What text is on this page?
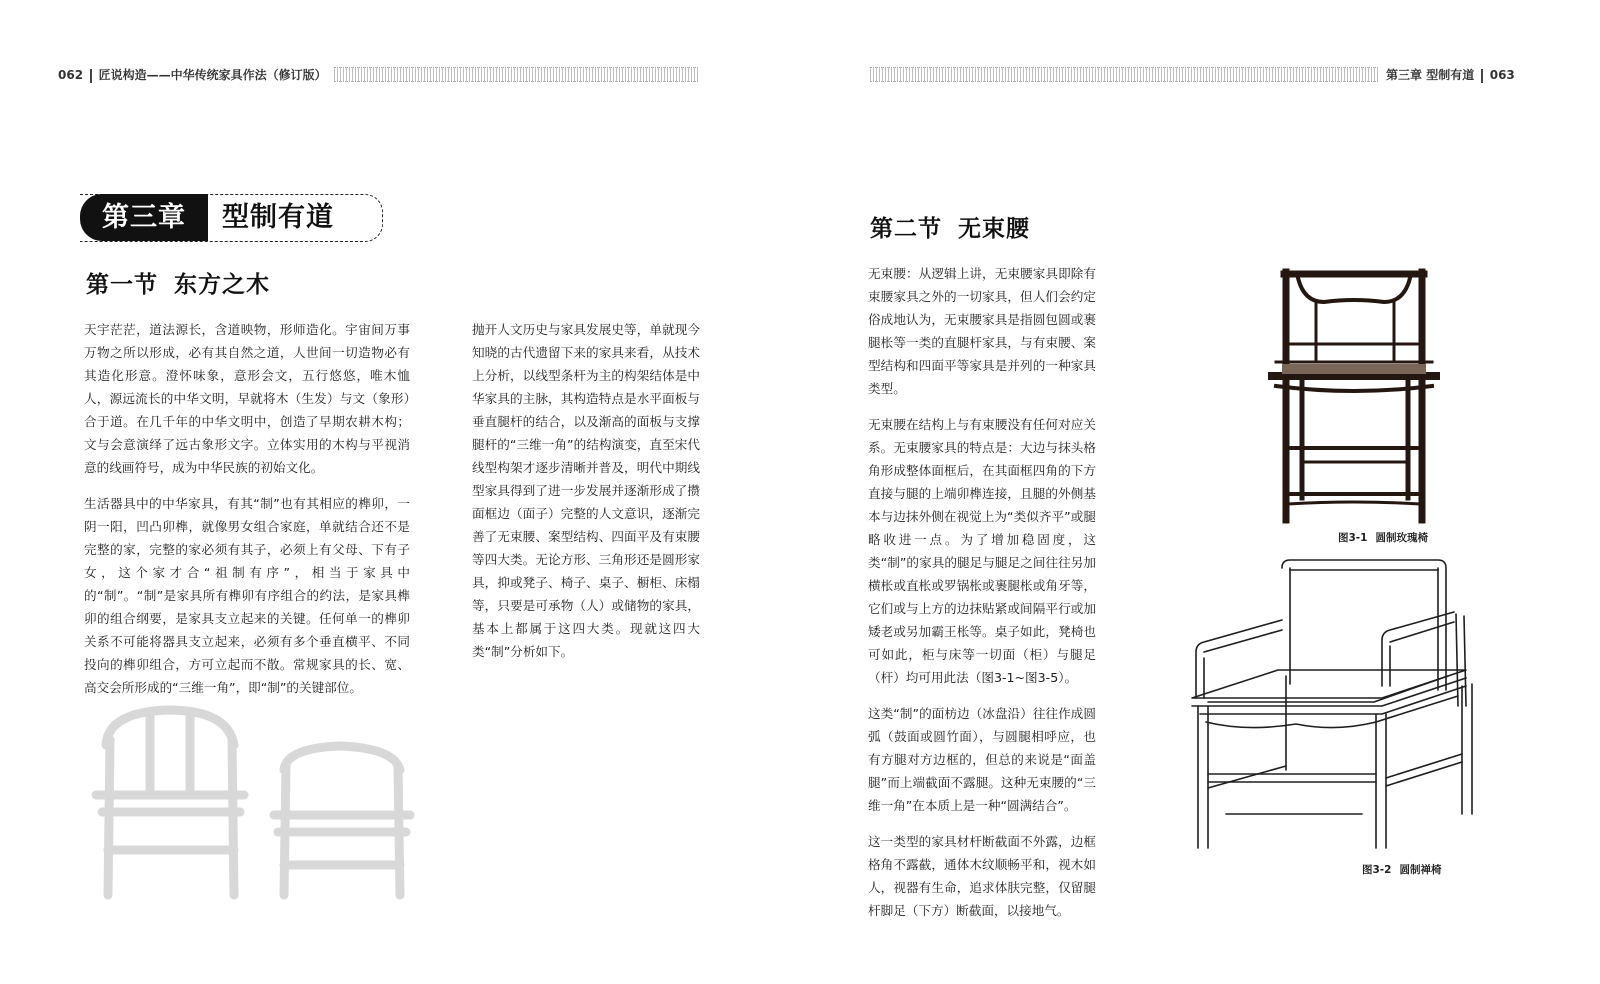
062 匠说构造——中华传统家具作法（修订版）
第三章	型制有道
第一节 东方之木

天宇茫茫，道法源长，含道映物，形师造化。宇宙间万事万物之所以形成，必有其自然之道，人世间一切造物必有其造化形意。澄怀味象，意形会文，五行悠悠，唯木恤人，源远流长的中华文明，早就将木（生发）与文（象形）合于道。在几千年的中华文明中，创造了早期农耕木构；文与会意演绎了远古象形文字。立体实用的木构与平视消意的线画符号，成为中华民族的初始文化。

生活器具中的中华家具，有其“制”也有其相应的榫卯，一阴一阳，凹凸卯榫，就像男女组合家庭，单就结合还不是完整的家，完整的家必须有其子，必须上有父母、下有子女，这个家才合“祖制有序”，相当于家具中的“制”。“制”是家具所有榫卯有序组合的约法，是家具榫卯的组合纲要，是家具支立起来的关键。任何单一的榫卯关系不可能将器具支立起来，必须有多个垂直横平、不同投向的榫卯组合，方可立起而不散。常规家具的长、宽、高交会所形成的“三维一角”，即“制”的关键部位。

抛开人文历史与家具发展史等，单就现今知晓的古代遗留下来的家具来看，从技术上分析，以线型条杆为主的构架结体是中华家具的主脉，其构造特点是水平面板与垂直腿杆的结合，以及渐高的面板与支撑腿杆的“三维一角”的结构演变，直至宋代线型构架才逐步清晰并普及，明代中期线型家具得到了进一步发展并逐渐形成了攒面框边（面子）完整的人文意识，逐渐完善了无束腰、案型结构、四面平及有束腰等四大类。无论方形、三角形还是圆形家具，抑或凳子、椅子、桌子、橱柜、床榻等，只要是可承物（人）或储物的家具，基本上都属于这四大类。现就这四大类“制”分析如下。

第三章 型制有道 063
第二节 无束腰

无束腰：从逻辑上讲，无束腰家具即除有束腰家具之外的一切家具，但人们会约定俗成地认为，无束腰家具是指圆包圆或裹腿枨等一类的直腿杆家具，与有束腰、案型结构和四面平等家具是并列的一种家具类型。

无束腰在结构上与有束腰没有任何对应关系。无束腰家具的特点是：大边与抹头格角形成整体面框后，在其面框四角的下方直接与腿的上端卯榫连接，且腿的外侧基本与边抹外侧在视觉上为“类似齐平”或腿略收进一点。为了增加稳固度，这类“制”的家具的腿足与腿足之间往往另加横枨或直枨或罗锅枨或裹腿枨或角牙等，它们或与上方的边抹贴紧或间隔平行或加矮老或另加霸王枨等。桌子如此，凳椅也可如此，柜与床等一切面（柜）与腿足（杆）均可用此法（图3-1~图3-5）。

这类“制”的面枋边（冰盘沿）往往作成圆弧（鼓面或圆竹面），与圆腿相呼应，也有方腿对方边框的，但总的来说是“面盖腿”而上端截面不露腿。这种无束腰的“三维一角”在本质上是一种“圆满结合”。

这一类型的家具材杆断截面不外露，边框格角不露截，通体木纹顺畅平和，视木如人，视器有生命，追求体肤完整，仅留腿杆脚足（下方）断截面，以接地气。

图3-1 圆制玫瑰椅
图3-2 圆制禅椅
